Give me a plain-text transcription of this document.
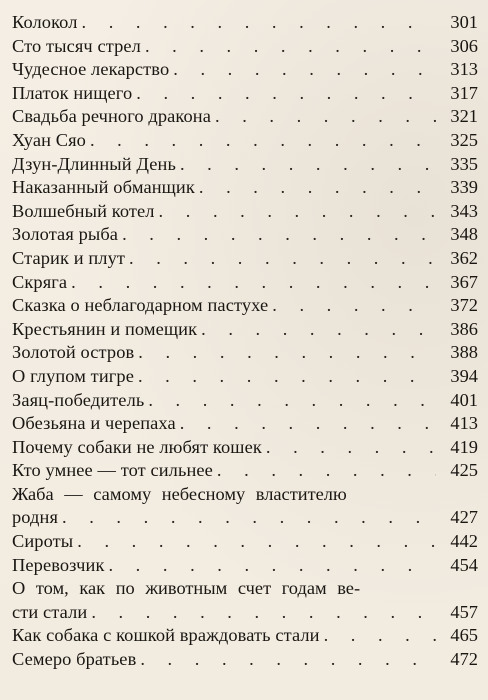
Колокол . . .	301
Сто тысяч стрел . . .	306
Чудесное лекарство . . .	313
Платок нищего . . .	317
Свадьба речного дракона . . .	321
Хуан Сяо . . .	325
Дзун-Длинный День . . .	335
Наказанный обманщик . . .	339
Волшебный котел . . .	343
Золотая рыба . . .	348
Старик и плут . . .	362
Скряга . . .	367
Сказка о неблагодарном пастухе . . .	372
Крестьянин и помещик . . .	386
Золотой остров . . .	388
О глупом тигре . . .	394
Заяц-победитель . . .	401
Обезьяна и черепаха . . .	413
Почему собаки не любят кошек . . .	419
Кто умнее — тот сильнее . . .	425
Жаба — самому небесному властителю
родня . . .	427
Сироты . . .	442
Перевозчик . . .	454
О том, как по животным счет годам ве-
сти стали . . .	457
Как собака с кошкой враждовать стали . . .	465
Семеро братьев . . .	472
